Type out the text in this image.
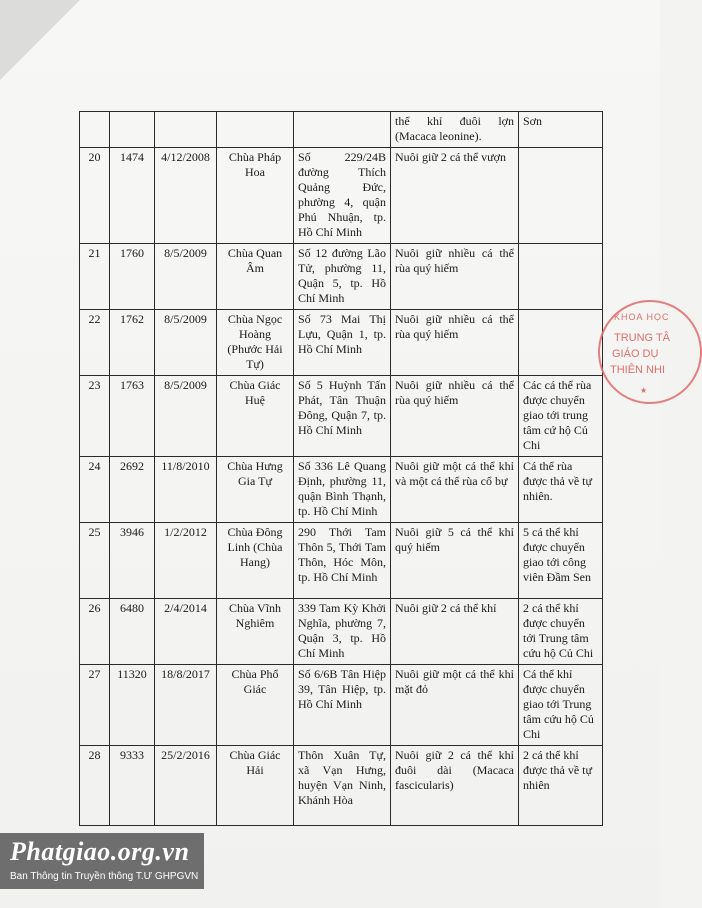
					thể khỉ đuôi lợn (Macaca leonine).	Sơn
20	1474	4/12/2008	Chùa Pháp Hoa	Số 229/24B đường Thích Quảng Đức, phường 4, quận Phú Nhuận, tp. Hồ Chí Minh	Nuôi giữ 2 cá thể vượn	
21	1760	8/5/2009	Chùa Quan Âm	Số 12 đường Lão Tử, phường 11, Quận 5, tp. Hồ Chí Minh	Nuôi giữ nhiều cá thể rùa quý hiếm	
22	1762	8/5/2009	Chùa Ngọc Hoàng (Phước Hải Tự)	Số 73 Mai Thị Lựu, Quận 1, tp. Hồ Chí Minh	Nuôi giữ nhiều cá thể rùa quý hiếm	
23	1763	8/5/2009	Chùa Giác Huệ	Số 5 Huỳnh Tấn Phát, Tân Thuận Đông, Quận 7, tp. Hồ Chí Minh	Nuôi giữ nhiều cá thể rùa quý hiếm	Các cá thể rùa được chuyển giao tới trung tâm cứ hộ Củ Chi
24	2692	11/8/2010	Chùa Hưng Gia Tự	Số 336 Lê Quang Định, phường 11, quận Bình Thạnh, tp. Hồ Chí Minh	Nuôi giữ một cá thể khỉ và một cá thể rùa cổ bự	Cá thể rùa được thả về tự nhiên.
25	3946	1/2/2012	Chùa Đông Linh (Chùa Hang)	290 Thới Tam Thôn 5, Thới Tam Thôn, Hóc Môn, tp. Hồ Chí Minh	Nuôi giữ 5 cá thể khỉ quý hiếm	5 cá thể khỉ được chuyển giao tới công viên Đầm Sen
26	6480	2/4/2014	Chùa Vĩnh Nghiêm	339 Tam Kỳ Khởi Nghĩa, phường 7, Quận 3, tp. Hồ Chí Minh	Nuôi giữ 2 cá thể khỉ	2 cá thể khỉ được chuyển tới Trung tâm cứu hộ Củ Chi
27	11320	18/8/2017	Chùa Phổ Giác	Số 6/6B Tân Hiệp 39, Tân Hiệp, tp. Hồ Chí Minh	Nuôi giữ một cá thể khỉ mặt đỏ	Cá thể khỉ được chuyển giao tới Trung tâm cứu hộ Củ Chi
28	9333	25/2/2016	Chùa Giác Hải	Thôn Xuân Tự, xã Vạn Hưng, huyện Vạn Ninh, Khánh Hòa	Nuôi giữ 2 cá thể khỉ đuôi dài (Macaca fascicularis)	2 cá thể khỉ được thả về tự nhiên
KHOA HỌC
TRUNG TÂ
GIÁO DỤ
THIÊN NHI
★
Phatgiao.org.vn
Ban Thông tin Truyền thông T.Ư GHPGVN
